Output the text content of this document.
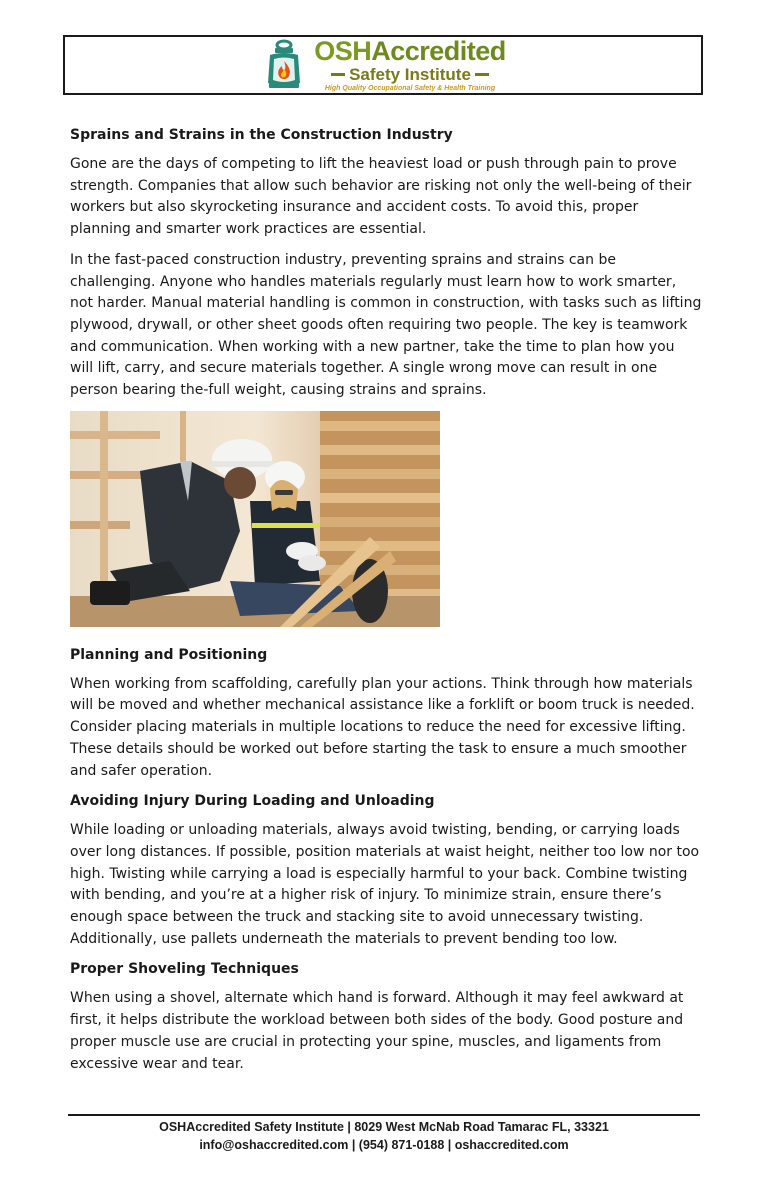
OSHAccredited
Safety Institute
High Quality Occupational Safety & Health Training
Sprains and Strains in the Construction Industry

Gone are the days of competing to lift the heaviest load or push through pain to prove strength. Companies that allow such behavior are risking not only the well-being of their workers but also skyrocketing insurance and accident costs. To avoid this, proper planning and smarter work practices are essential.

In the fast-paced construction industry, preventing sprains and strains can be challenging. Anyone who handles materials regularly must learn how to work smarter, not harder. Manual material handling is common in construction, with tasks such as lifting plywood, drywall, or other sheet goods often requiring two people. The key is teamwork and communication. When working with a new partner, take the time to plan how you will lift, carry, and secure materials together. A single wrong move can result in one person bearing the-full weight, causing strains and sprains.

Planning and Positioning

When working from scaffolding, carefully plan your actions. Think through how materials will be moved and whether mechanical assistance like a forklift or boom truck is needed. Consider placing materials in multiple locations to reduce the need for excessive lifting. These details should be worked out before starting the task to ensure a much smoother and safer operation.

Avoiding Injury During Loading and Unloading

While loading or unloading materials, always avoid twisting, bending, or carrying loads over long distances. If possible, position materials at waist height, neither too low nor too high. Twisting while carrying a load is especially harmful to your back. Combine twisting with bending, and you’re at a higher risk of injury. To minimize strain, ensure there’s enough space between the truck and stacking site to avoid unnecessary twisting. Additionally, use pallets underneath the materials to prevent bending too low.

Proper Shoveling Techniques

When using a shovel, alternate which hand is forward. Although it may feel awkward at first, it helps distribute the workload between both sides of the body. Good posture and proper muscle use are crucial in protecting your spine, muscles, and ligaments from excessive wear and tear.

OSHAccredited Safety Institute | 8029 West McNab Road Tamarac FL, 33321
info@oshaccredited.com | (954) 871-0188 | oshaccredited.com
